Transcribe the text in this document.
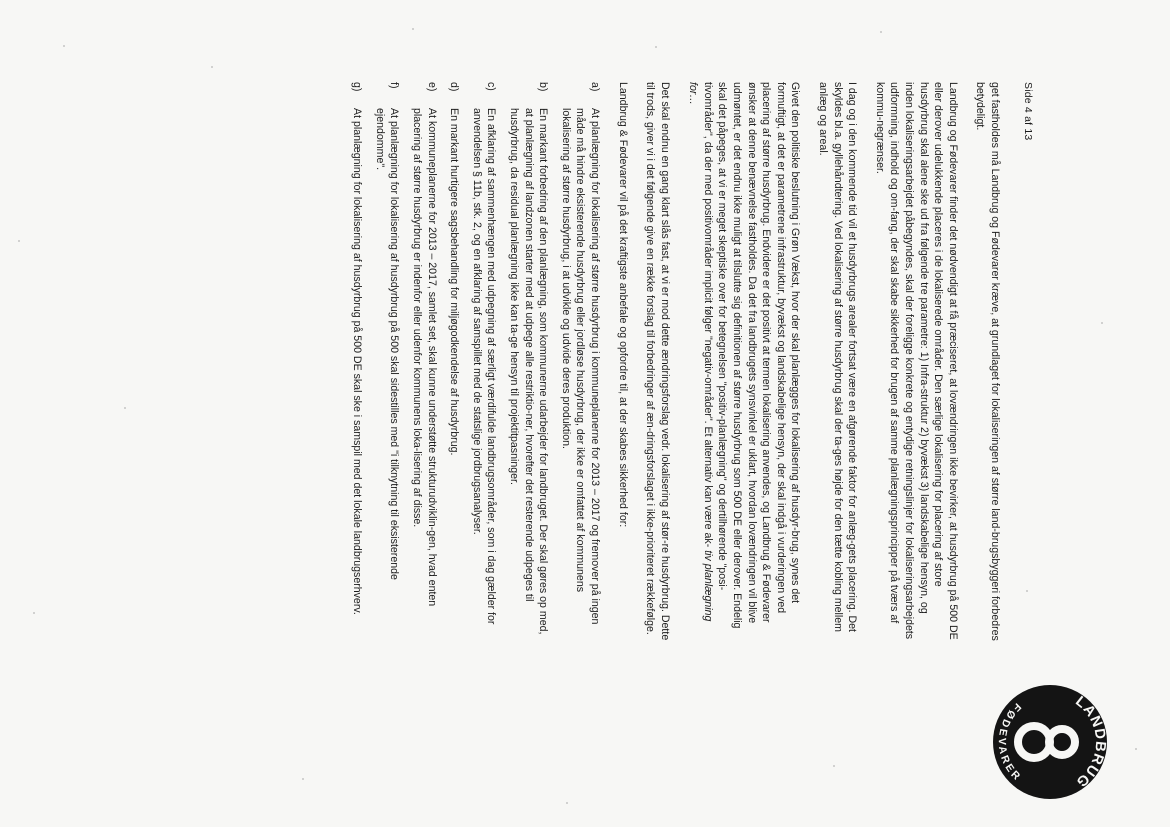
Side 4 af 13
LANDBRUG
FØDEVARER

get fastholdes må Landbrug og Fødevarer kræve, at grundlaget for lokaliseringen af større land-brugsbyggeri forbedres betydeligt.

Landbrug og Fødevarer finder det nødvendigt at få præciseret, at lovændringen ikke bevirker, at husdyrbrug på 500 DE eller derover udelukkende placeres i de lokaliserede områder. Den særlige lokalisering for placering af store husdyrbrug skal alene ske ud fra følgende tre parametre: 1) Infra-struktur 2) byvækst 3) landskabelige hensyn, og inden lokaliseringsarbejdet påbegyndes, skal der foreligge konkrete og entydige retningslinjer for lokaliseringsarbejdets udformning, indhold og om-fang, der skal skabe sikkerhed for brugen af samme planlægningsprincipper på tværs af kommu-negrænser.

I dag og i den kommende tid vil et husdyrbrugs arealer fortsat være en afgørende faktor for anlæg-gets placering. Det skyldes bl.a. gyllehåndtering. Ved lokalisering af større husdyrbrug skal der ta-ges højde for den tætte kobling mellem anlæg og areal.

Givet den politiske beslutning i Grøn Vækst, hvor der skal planlægges for lokalisering af husdyr-brug, synes det formuftigt, at det er parametrene infrastruktur, byvækst og landskabelige hensyn, der skal indgå i vurderingen ved placering af større husdyrbrug. Endvidere er det positivt at termen lokalisering anvendes, og Landbrug & Fødevarer ønsker at denne benævnelse fastholdes. Da det fra landbrugets synsvinkel er uklart, hvordan lovændringen vil blive udmøntet, er det endnu ikke muligt at tilslutte sig definitionen af større husdyrbrug som 500 DE eller derover. Endelig skal det påpeges, at vi er meget skeptiske over for betegnelsen "positiv-planlægning" og dertilhørende "posi-tivområder", da der med positivområder implicit følger "negativ-områder". Et alternativ kan være ak- tiv planlægning for…

Det skal endnu en gang klart slås fast, at vi er mod dette ændringsforslag vedr. lokalisering af stør-re husdyrbrug. Dette til trods, giver vi i det følgende give en række forslag til forbedringer af æn-dringsforslaget i ikke-prioriteret rækkefølge.

Landbrug & Fødevarer vil på det kraftigste anbefale og opfordre til, at der skabes sikkerhed for:

a)
At planlægning for lokalisering af større husdyrbrug i kommuneplanerne for 2013 – 2017 og fremover på ingen måde må hindre eksisterende husdyrbrug eller jordløse husdyrbrug, der ikke er omfattet af kommunens lokalisering af større husdyrbrug, i at udvikle og udvide deres produktion.
b)
En markant forbedring af den planlægning, som kommunerne udarbejder for landbruget. Der skal gøres op med, at planlægning af landzonen starter med at udpege alle restriktio-ner, hvorefter det resterende udpeges til husdyrbrug, da residual planlægning ikke kan ta-ge hensyn til projektitpasninger.
c)
En afklaring af sammenhængen med udpegning af særligt værdifulde landbrugsområder, som i dag gælder for anvendelsen § 11b, stk. 2, og en afklaring af samspillet med de statslige jordbrugsanalyser.
d)
En markant hurtigere sagsbehandling for miljøgodkendelse af husdyrbrug.
e)
At kommuneplanerne for 2013 – 2017, samlet set, skal kunne understøtte strukturudviklin-gen, hvad enten placering af større husdyrbrug er indenfor eller udenfor kommunens loka-lisering af disse.
f)
At planlægning for lokalisering af husdyrbrug på 500 skal sidestilles med "i tilknytning til eksisterende ejendomme".
g)
At planlægning for lokalisering af husdyrbrug på 500 DE skal ske i samspil med det lokale landbrugserhverv.
